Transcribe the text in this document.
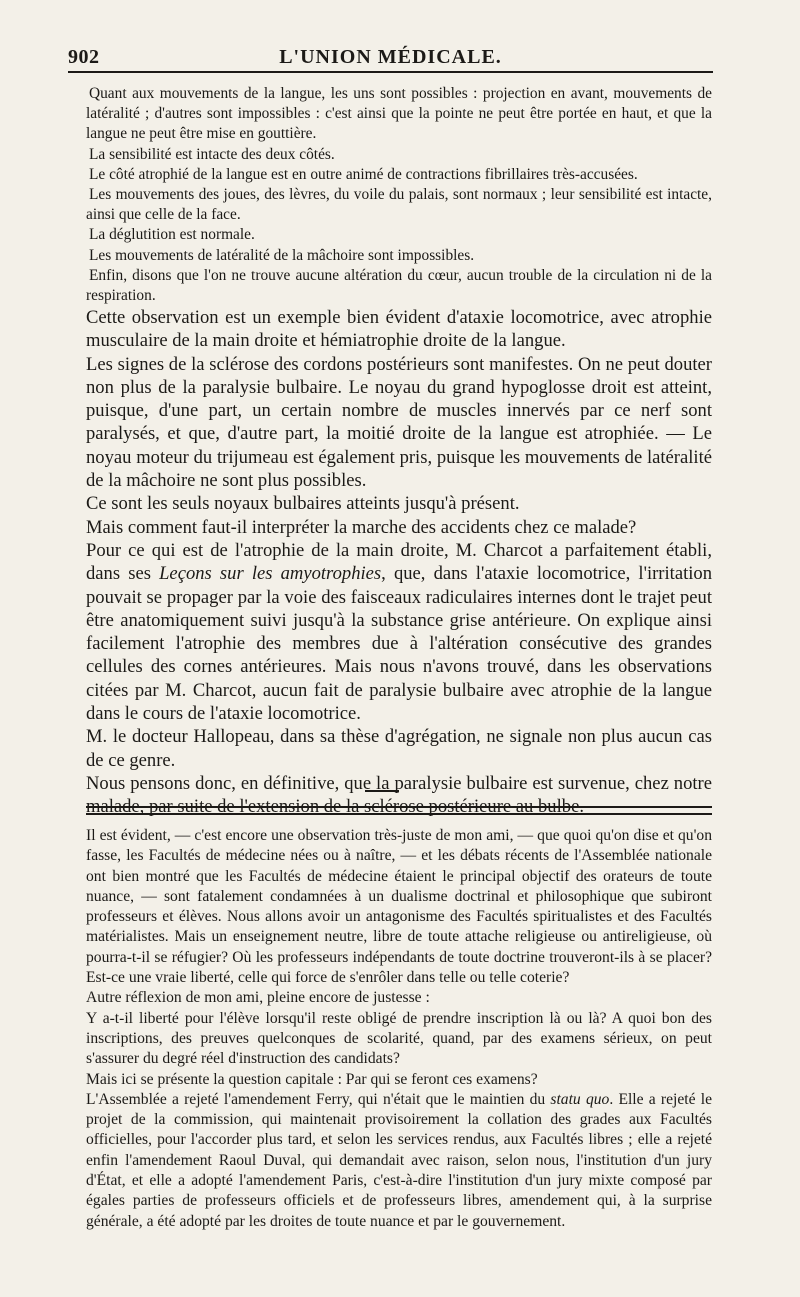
902	L'UNION MÉDICALE.

Quant aux mouvements de la langue, les uns sont possibles : projection en avant, mouvements de latéralité ; d'autres sont impossibles : c'est ainsi que la pointe ne peut être portée en haut, et que la langue ne peut être mise en gouttière.

La sensibilité est intacte des deux côtés.

Le côté atrophié de la langue est en outre animé de contractions fibrillaires très-accusées.

Les mouvements des joues, des lèvres, du voile du palais, sont normaux ; leur sensibilité est intacte, ainsi que celle de la face.

La déglutition est normale.

Les mouvements de latéralité de la mâchoire sont impossibles.

Enfin, disons que l'on ne trouve aucune altération du cœur, aucun trouble de la circulation ni de la respiration.

Cette observation est un exemple bien évident d'ataxie locomotrice, avec atrophie musculaire de la main droite et hémiatrophie droite de la langue.

Les signes de la sclérose des cordons postérieurs sont manifestes. On ne peut douter non plus de la paralysie bulbaire. Le noyau du grand hypoglosse droit est atteint, puisque, d'une part, un certain nombre de muscles innervés par ce nerf sont paralysés, et que, d'autre part, la moitié droite de la langue est atrophiée. — Le noyau moteur du trijumeau est également pris, puisque les mouvements de latéralité de la mâchoire ne sont plus possibles.

Ce sont les seuls noyaux bulbaires atteints jusqu'à présent.

Mais comment faut-il interpréter la marche des accidents chez ce malade?

Pour ce qui est de l'atrophie de la main droite, M. Charcot a parfaitement établi, dans ses Leçons sur les amyotrophies, que, dans l'ataxie locomotrice, l'irritation pouvait se propager par la voie des faisceaux radiculaires internes dont le trajet peut être anatomiquement suivi jusqu'à la substance grise antérieure. On explique ainsi facilement l'atrophie des membres due à l'altération consécutive des grandes cellules des cornes antérieures. Mais nous n'avons trouvé, dans les observations citées par M. Charcot, aucun fait de paralysie bulbaire avec atrophie de la langue dans le cours de l'ataxie locomotrice.

M. le docteur Hallopeau, dans sa thèse d'agrégation, ne signale non plus aucun cas de ce genre.

Nous pensons donc, en définitive, que la paralysie bulbaire est survenue, chez notre malade, par suite de l'extension de la sclérose postérieure au bulbe.

Il est évident, — c'est encore une observation très-juste de mon ami, — que quoi qu'on dise et qu'on fasse, les Facultés de médecine nées ou à naître, — et les débats récents de l'Assemblée nationale ont bien montré que les Facultés de médecine étaient le principal objectif des orateurs de toute nuance, — sont fatalement condamnées à un dualisme doctrinal et philosophique que subiront professeurs et élèves. Nous allons avoir un antagonisme des Facultés spiritualistes et des Facultés matérialistes. Mais un enseignement neutre, libre de toute attache religieuse ou antireligieuse, où pourra-t-il se réfugier? Où les professeurs indépendants de toute doctrine trouveront-ils à se placer? Est-ce une vraie liberté, celle qui force de s'enrôler dans telle ou telle coterie?

Autre réflexion de mon ami, pleine encore de justesse :

Y a-t-il liberté pour l'élève lorsqu'il reste obligé de prendre inscription là ou là? A quoi bon des inscriptions, des preuves quelconques de scolarité, quand, par des examens sérieux, on peut s'assurer du degré réel d'instruction des candidats?

Mais ici se présente la question capitale : Par qui se feront ces examens?

L'Assemblée a rejeté l'amendement Ferry, qui n'était que le maintien du statu quo. Elle a rejeté le projet de la commission, qui maintenait provisoirement la collation des grades aux Facultés officielles, pour l'accorder plus tard, et selon les services rendus, aux Facultés libres ; elle a rejeté enfin l'amendement Raoul Duval, qui demandait avec raison, selon nous, l'institution d'un jury d'État, et elle a adopté l'amendement Paris, c'est-à-dire l'institution d'un jury mixte composé par égales parties de professeurs officiels et de professeurs libres, amendement qui, à la surprise générale, a été adopté par les droites de toute nuance et par le gouvernement.
